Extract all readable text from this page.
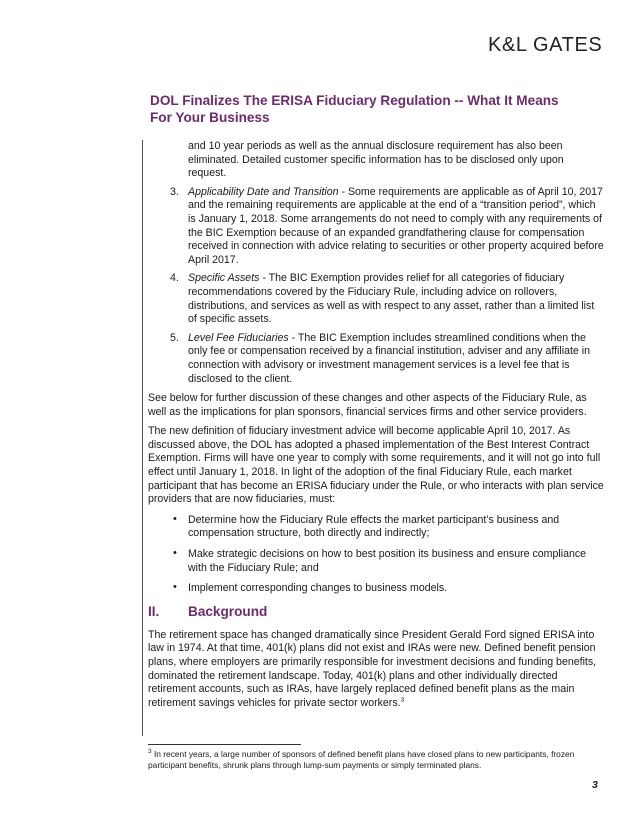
K&L GATES
DOL Finalizes The ERISA Fiduciary Regulation -- What It Means For Your Business
and 10 year periods as well as the annual disclosure requirement has also been eliminated. Detailed customer specific information has to be disclosed only upon request.
3. Applicability Date and Transition - Some requirements are applicable as of April 10, 2017 and the remaining requirements are applicable at the end of a “transition period”, which is January 1, 2018. Some arrangements do not need to comply with any requirements of the BIC Exemption because of an expanded grandfathering clause for compensation received in connection with advice relating to securities or other property acquired before April 2017.
4. Specific Assets - The BIC Exemption provides relief for all categories of fiduciary recommendations covered by the Fiduciary Rule, including advice on rollovers, distributions, and services as well as with respect to any asset, rather than a limited list of specific assets.
5. Level Fee Fiduciaries - The BIC Exemption includes streamlined conditions when the only fee or compensation received by a financial institution, adviser and any affiliate in connection with advisory or investment management services is a level fee that is disclosed to the client.

See below for further discussion of these changes and other aspects of the Fiduciary Rule, as well as the implications for plan sponsors, financial services firms and other service providers.

The new definition of fiduciary investment advice will become applicable April 10, 2017. As discussed above, the DOL has adopted a phased implementation of the Best Interest Contract Exemption. Firms will have one year to comply with some requirements, and it will not go into full effect until January 1, 2018. In light of the adoption of the final Fiduciary Rule, each market participant that has become an ERISA fiduciary under the Rule, or who interacts with plan service providers that are now fiduciaries, must:

• Determine how the Fiduciary Rule effects the market participant’s business and compensation structure, both directly and indirectly;
• Make strategic decisions on how to best position its business and ensure compliance with the Fiduciary Rule; and
• Implement corresponding changes to business models.
II. Background

The retirement space has changed dramatically since President Gerald Ford signed ERISA into law in 1974. At that time, 401(k) plans did not exist and IRAs were new. Defined benefit pension plans, where employers are primarily responsible for investment decisions and funding benefits, dominated the retirement landscape. Today, 401(k) plans and other individually directed retirement accounts, such as IRAs, have largely replaced defined benefit plans as the main retirement savings vehicles for private sector workers.$^3$

$^3$ In recent years, a large number of sponsors of defined benefit plans have closed plans to new participants, frozen participant benefits, shrunk plans through lump-sum payments or simply terminated plans.
3
